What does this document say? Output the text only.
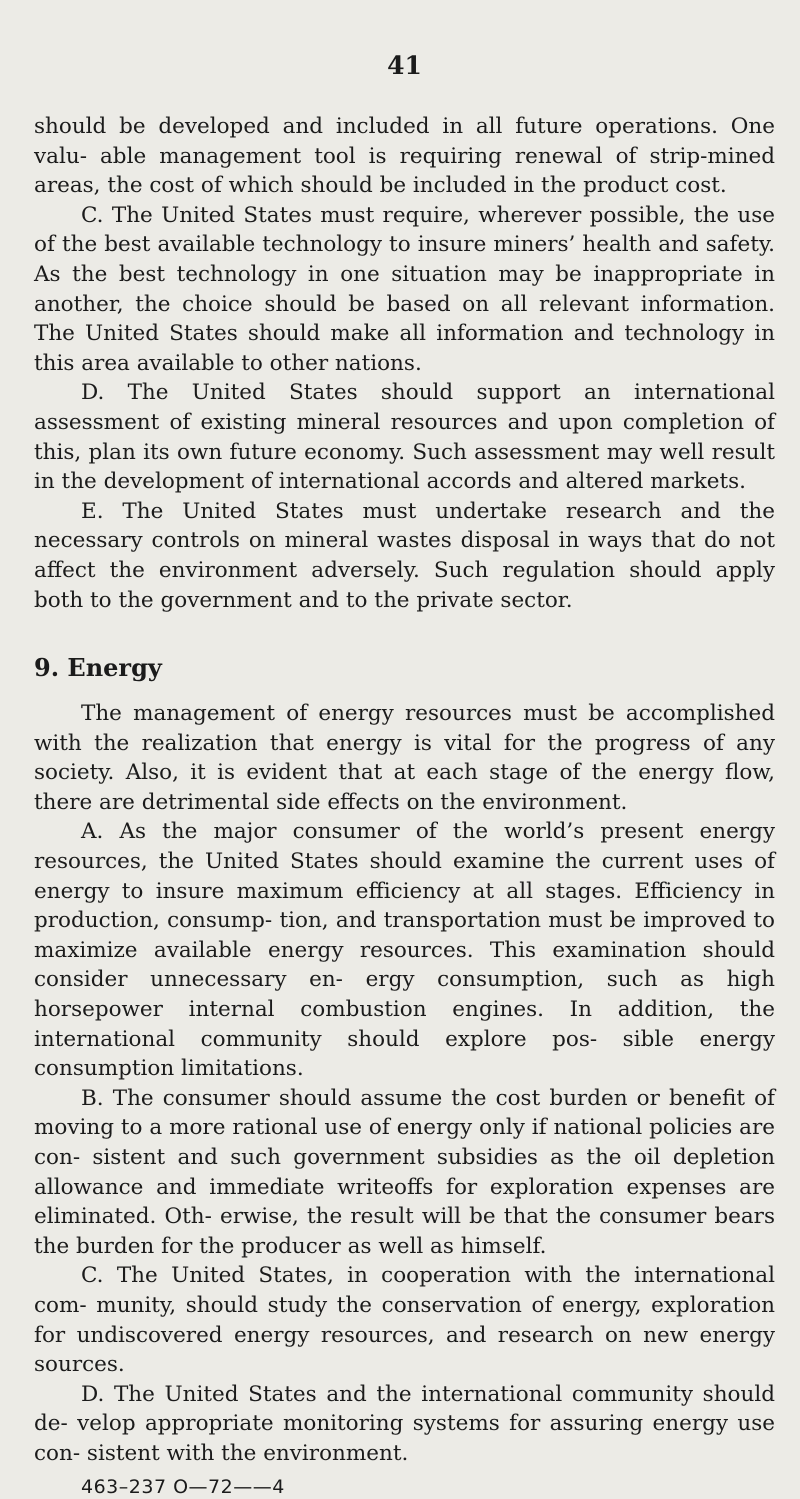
41

should be developed and included in all future operations. One valu- able management tool is requiring renewal of strip-mined areas, the cost of which should be included in the product cost.

C. The United States must require, wherever possible, the use of the best available technology to insure miners’ health and safety. As the best technology in one situation may be inappropriate in another, the choice should be based on all relevant information. The United States should make all information and technology in this area available to other nations.

D. The United States should support an international assessment of existing mineral resources and upon completion of this, plan its own future economy. Such assessment may well result in the development of international accords and altered markets.

E. The United States must undertake research and the necessary controls on mineral wastes disposal in ways that do not affect the environment adversely. Such regulation should apply both to the government and to the private sector.

9. Energy

The management of energy resources must be accomplished with the realization that energy is vital for the progress of any society. Also, it is evident that at each stage of the energy flow, there are detrimental side effects on the environment.

A. As the major consumer of the world’s present energy resources, the United States should examine the current uses of energy to insure maximum efficiency at all stages. Efficiency in production, consump- tion, and transportation must be improved to maximize available energy resources. This examination should consider unnecessary en- ergy consumption, such as high horsepower internal combustion engines. In addition, the international community should explore pos- sible energy consumption limitations.

B. The consumer should assume the cost burden or benefit of moving to a more rational use of energy only if national policies are con- sistent and such government subsidies as the oil depletion allowance and immediate writeoffs for exploration expenses are eliminated. Oth- erwise, the result will be that the consumer bears the burden for the producer as well as himself.

C. The United States, in cooperation with the international com- munity, should study the conservation of energy, exploration for undiscovered energy resources, and research on new energy sources.

D. The United States and the international community should de- velop appropriate monitoring systems for assuring energy use con- sistent with the environment.

463–237 O—72——4
